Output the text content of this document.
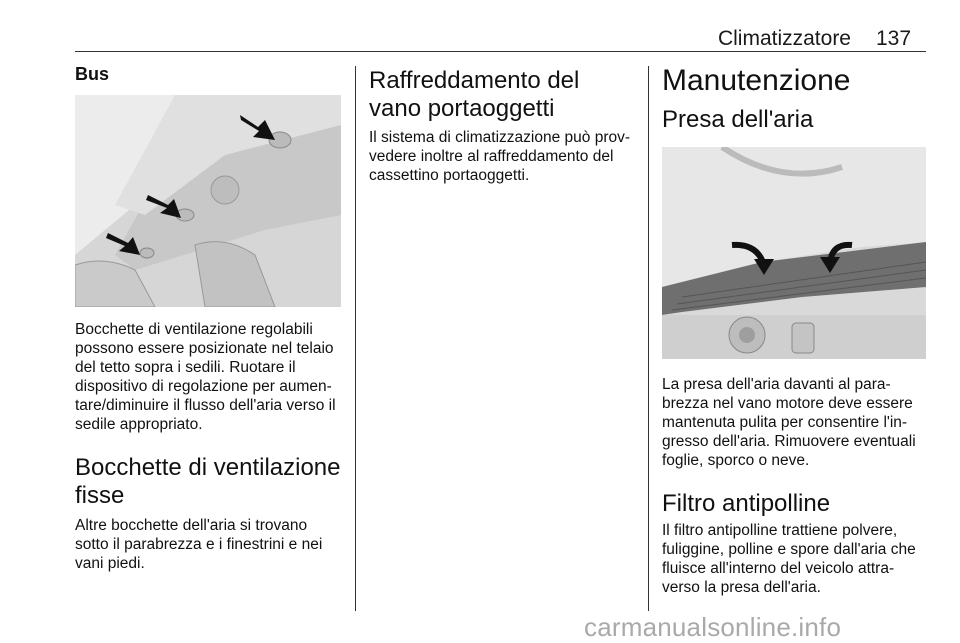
Climatizzatore 137
Bus

Bocchette di ventilazione regolabili possono essere posizionate nel telaio del tetto sopra i sedili. Ruotare il dispositivo di regolazione per aumen-tare/diminuire il flusso dell'aria verso il sedile appropriato.

Bocchette di ventilazione fisse

Altre bocchette dell'aria si trovano sotto il parabrezza e i finestrini e nei vani piedi.

Raffreddamento del vano portaoggetti

Il sistema di climatizzazione può prov-vedere inoltre al raffreddamento del cassettino portaoggetti.

Manutenzione
Presa dell'aria

La presa dell'aria davanti al para-brezza nel vano motore deve essere mantenuta pulita per consentire l'in-gresso dell'aria. Rimuovere eventuali foglie, sporco o neve.

Filtro antipolline

Il filtro antipolline trattiene polvere, fuliggine, polline e spore dall'aria che fluisce all'interno del veicolo attra-verso la presa dell'aria.

carmanualsonline.info
